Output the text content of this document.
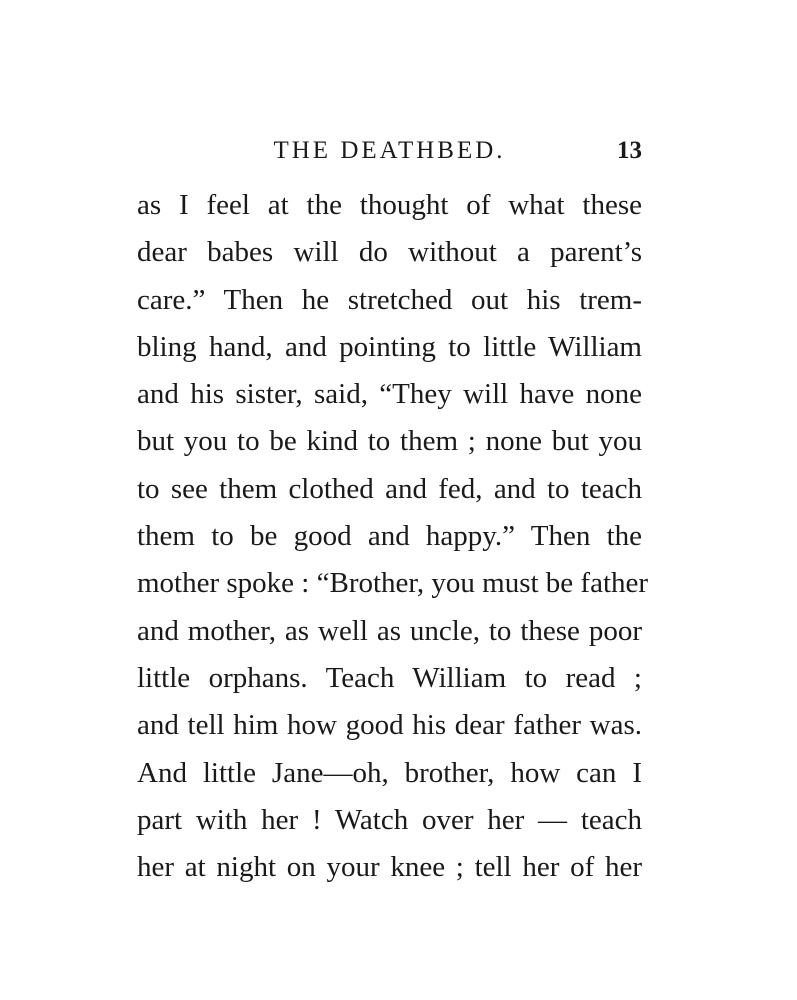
THE DEATHBED.	13
as I feel at the thought of what these
dear babes will do without a parent’s
care.” Then he stretched out his trem-
bling hand, and pointing to little William
and his sister, said, “They will have none
but you to be kind to them ; none but you
to see them clothed and fed, and to teach
them to be good and happy.” Then the
mother spoke : “Brother, you must be father
and mother, as well as uncle, to these poor
little orphans. Teach William to read ;
and tell him how good his dear father was.
And little Jane—oh, brother, how can I
part with her ! Watch over her — teach
her at night on your knee ; tell her of her
